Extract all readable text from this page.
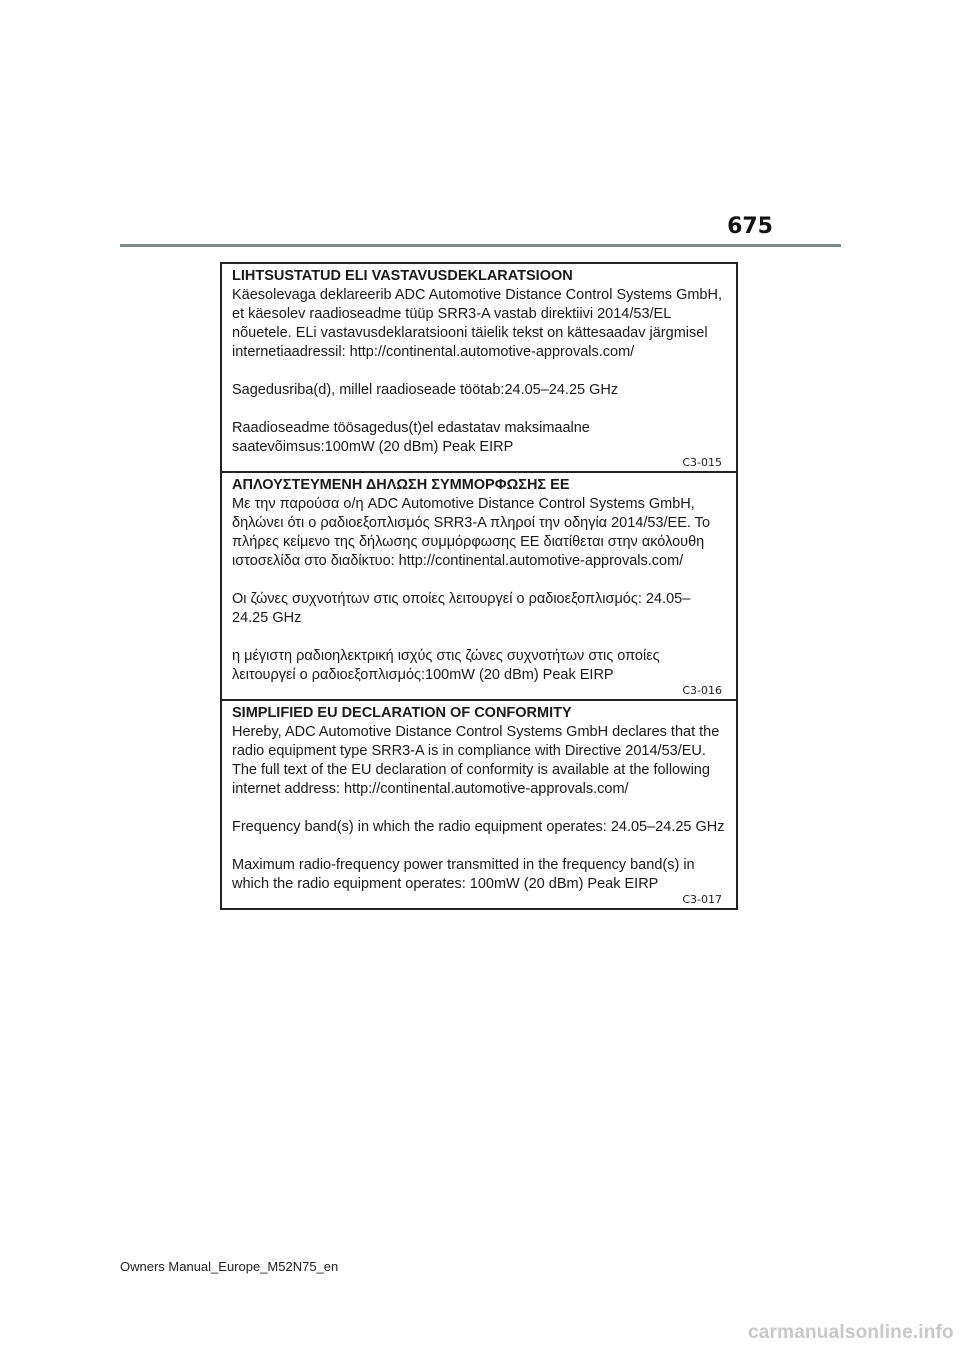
675
LIHTSUSTATUD ELI VASTAVUSDEKLARATSIOON

Käesolevaga deklareerib ADC Automotive Distance Control Systems GmbH, et käesolev raadioseadme tüüp SRR3-A vastab direktiivi 2014/53/EL nõuetele. ELi vastavusdeklaratsiooni täielik tekst on kättesaadav järgmisel internetiaadressil: http://continental.automotive-approvals.com/

Sagedusriba(d), millel raadioseade töötab:24.05–24.25 GHz

Raadioseadme töösagedus(t)el edastatav maksimaalne saatevõimsus:100mW (20 dBm) Peak EIRP

C3-015
ΑΠΛΟΥΣΤΕΥΜΕΝΗ ΔΗΛΩΣΗ ΣΥΜΜΟΡΦΩΣΗΣ ΕΕ

Με την παρούσα ο/η ADC Automotive Distance Control Systems GmbH, δηλώνει ότι ο ραδιοεξοπλισμός SRR3-A πληροί την οδηγία 2014/53/ΕΕ. Το πλήρες κείμενο της δήλωσης συμμόρφωσης ΕΕ διατίθεται στην ακόλουθη ιστοσελίδα στο διαδίκτυο: http://continental.automotive-approvals.com/

Οι ζώνες συχνοτήτων στις οποίες λειτουργεί ο ραδιοεξοπλισμός: 24.05–24.25 GHz

η μέγιστη ραδιοηλεκτρική ισχύς στις ζώνες συχνοτήτων στις οποίες λειτουργεί ο ραδιοεξοπλισμός:100mW (20 dBm) Peak EIRP

C3-016
SIMPLIFIED EU DECLARATION OF CONFORMITY

Hereby, ADC Automotive Distance Control Systems GmbH declares that the radio equipment type SRR3-A is in compliance with Directive 2014/53/EU. The full text of the EU declaration of conformity is available at the following internet address: http://continental.automotive-approvals.com/

Frequency band(s) in which the radio equipment operates: 24.05–24.25 GHz

Maximum radio-frequency power transmitted in the frequency band(s) in which the radio equipment operates: 100mW (20 dBm) Peak EIRP

C3-017
Owners Manual_Europe_M52N75_en
carmanualsonline.info
